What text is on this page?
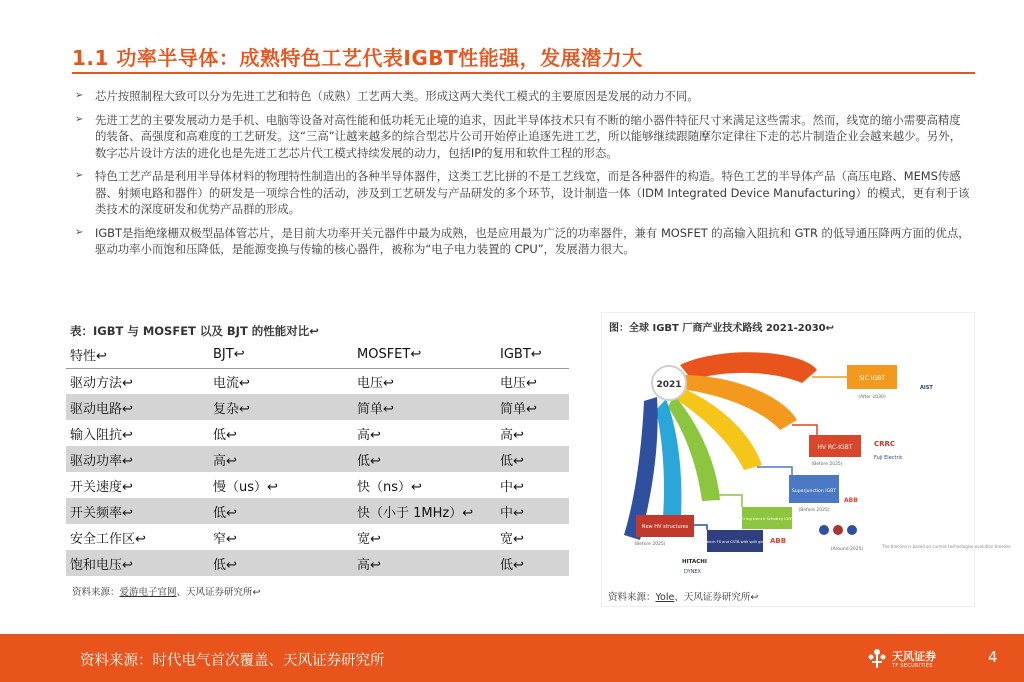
1.1 功率半导体：成熟特色工艺代表IGBT性能强，发展潜力大
➢ 芯片按照制程大致可以分为先进工艺和特色（成熟）工艺两大类。形成这两大类代工模式的主要原因是发展的动力不同。
➢ 先进工艺的主要发展动力是手机、电脑等设备对高性能和低功耗无止境的追求，因此半导体技术只有不断的缩小器件特征尺寸来满足这些需求。然而，线宽的缩小需要高精度的装备、高强度和高难度的工艺研发。这“三高”让越来越多的综合型芯片公司开始停止追逐先进工艺，所以能够继续跟随摩尔定律往下走的芯片制造企业会越来越少。另外，数字芯片设计方法的进化也是先进工艺芯片代工模式持续发展的动力，包括IP的复用和软件工程的形态。
➢ 特色工艺产品是利用半导体材料的物理特性制造出的各种半导体器件，这类工艺比拼的不是工艺线宽，而是各种器件的构造。特色工艺的半导体产品（高压电路、MEMS传感器、射频电路和器件）的研发是一项综合性的活动，涉及到工艺研发与产品研发的多个环节，设计制造一体（IDM Integrated Device Manufacturing）的模式，更有利于该类技术的深度研发和优势产品群的形成。
➢ IGBT是指绝缘栅双极型晶体管芯片，是目前大功率开关元器件中最为成熟，也是应用最为广泛的功率器件，兼有 MOSFET 的高输入阻抗和 GTR 的低导通压降两方面的优点，驱动功率小而饱和压降低，是能源变换与传输的核心器件，被称为“电子电力装置的 CPU”，发展潜力很大。
表：IGBT 与 MOSFET 以及 BJT 的性能对比↩
特性↩	BJT↩	MOSFET↩	IGBT↩
驱动方法↩	电流↩	电压↩	电压↩
驱动电路↩	复杂↩	简单↩	简单↩
输入阻抗↩	低↩	高↩	高↩
驱动功率↩	高↩	低↩	低↩
开关速度↩	慢（us）↩	快（ns）↩	中↩
开关频率↩	低↩	快（小于 1MHz）↩	中↩
安全工作区↩	窄↩	宽↩	宽↩
饱和电压↩	低↩	高↩	低↩
资料来源：爱游电子官网、天风证券研究所↩
图：全球 IGBT 厂商产业技术路线 2021-2030↩
2021
SiC IGBT
(After 2030)
HV RC-IGBT
(Before 2025)
Superjunction IGBT
(Before 2025)
P-ring trench Schottky IGBT
Trench FS and CSTB with split gate
(Around 2025)
New HV structures
(Before 2025)
CRRC
Fuji Electric
ABB
HITACHI
ABB
DYNEX
AIST
The timeline is based on current technologies evolution timeline
资料来源：Yole、天风证券研究所↩
资料来源：时代电气首次覆盖、天风证券研究所	天风证券
TF SECURITIES	4
